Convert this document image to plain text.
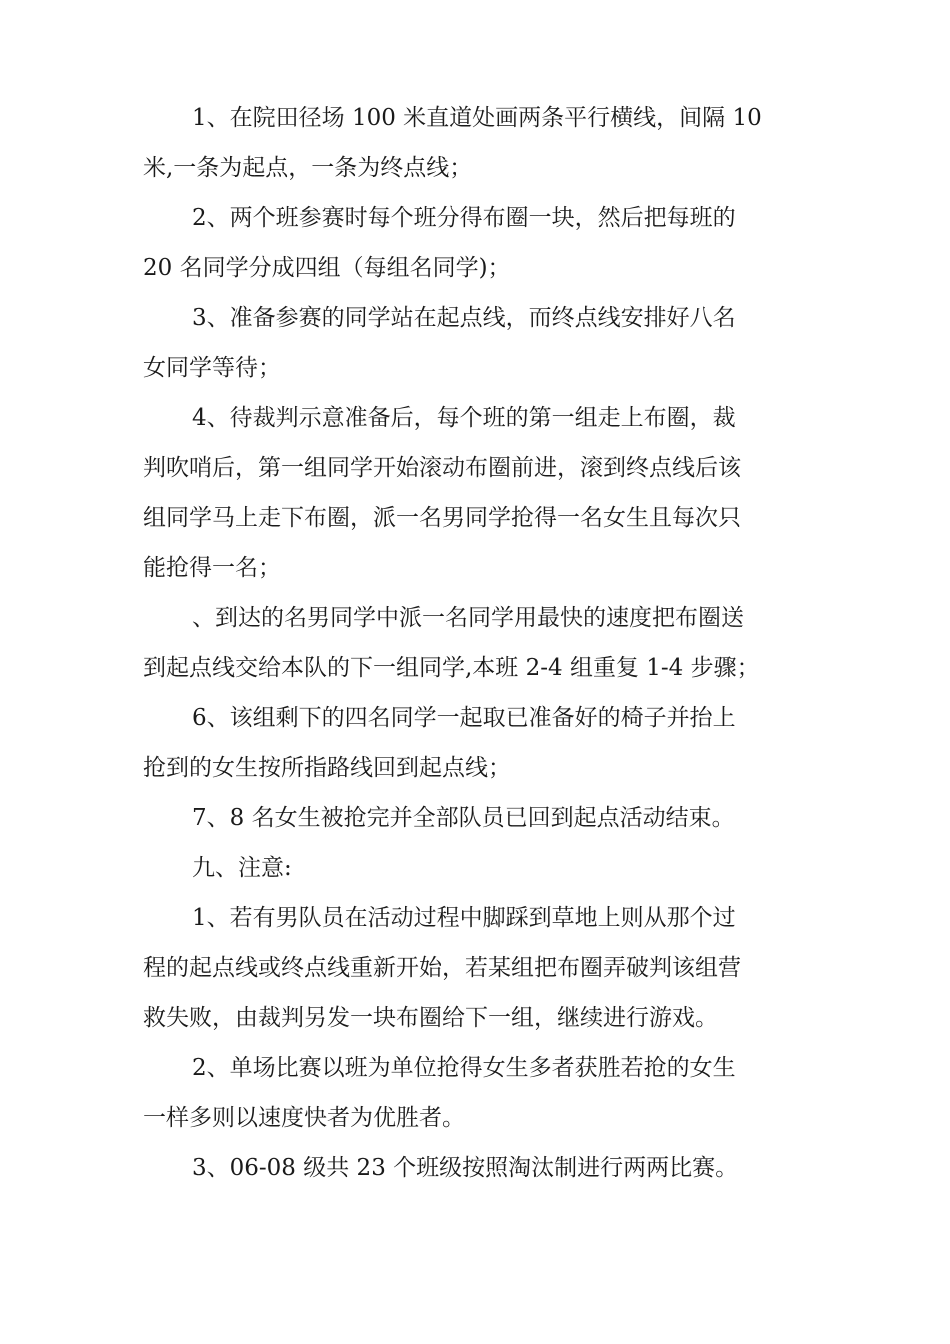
1、在院田径场 100 米直道处画两条平行横线，间隔 10
米,一条为起点，一条为终点线；
2、两个班参赛时每个班分得布圈一块，然后把每班的
20 名同学分成四组（每组名同学)；
3、准备参赛的同学站在起点线，而终点线安排好八名
女同学等待；
4、待裁判示意准备后，每个班的第一组走上布圈，裁
判吹哨后，第一组同学开始滚动布圈前进，滚到终点线后该
组同学马上走下布圈，派一名男同学抢得一名女生且每次只
能抢得一名；
、到达的名男同学中派一名同学用最快的速度把布圈送
到起点线交给本队的下一组同学,本班 2-4 组重复 1-4 步骤；
6、该组剩下的四名同学一起取已准备好的椅子并抬上
抢到的女生按所指路线回到起点线；
7、8 名女生被抢完并全部队员已回到起点活动结束。
九、注意:
1、若有男队员在活动过程中脚踩到草地上则从那个过
程的起点线或终点线重新开始，若某组把布圈弄破判该组营
救失败，由裁判另发一块布圈给下一组，继续进行游戏。
2、单场比赛以班为单位抢得女生多者获胜若抢的女生
一样多则以速度快者为优胜者。
3、06-08 级共 23 个班级按照淘汰制进行两两比赛。
